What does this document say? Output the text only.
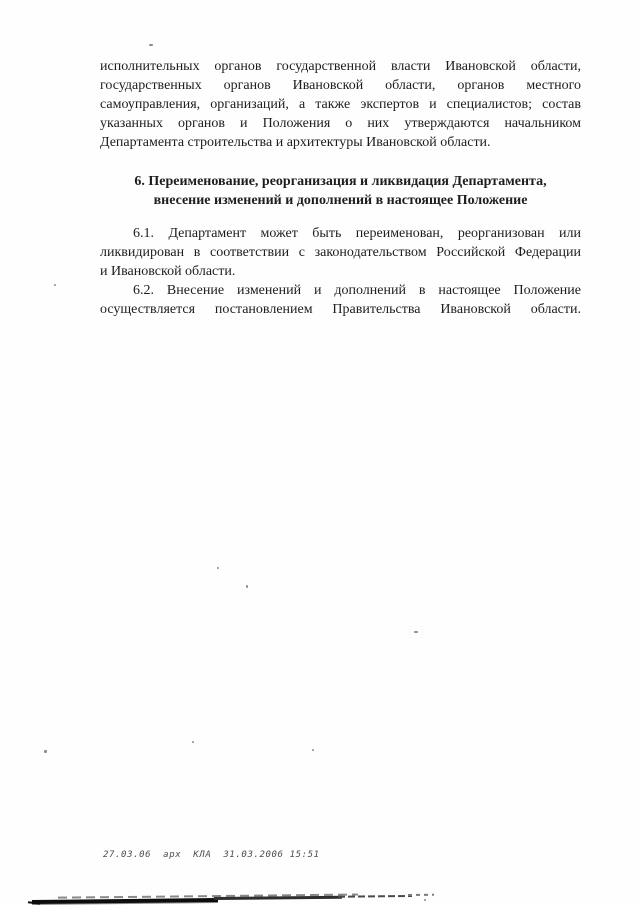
исполнительных органов государственной власти Ивановской области,
государственных органов Ивановской области, органов местного
самоуправления, организаций, а также экспертов и специалистов; состав
указанных органов и Положения о них утверждаются начальником
Департамента строительства и архитектуры Ивановской области.
6. Переименование, реорганизация и ликвидация Департамента,
внесение изменений и дополнений в настоящее Положение
6.1. Департамент может быть переименован, реорганизован или
ликвидирован в соответствии с законодательством Российской Федерации
и Ивановской области.
6.2. Внесение изменений и дополнений в настоящее Положение
осуществляется постановлением Правительства Ивановской области.
27.03.06  арх  КЛА  31.03.2006 15:51
